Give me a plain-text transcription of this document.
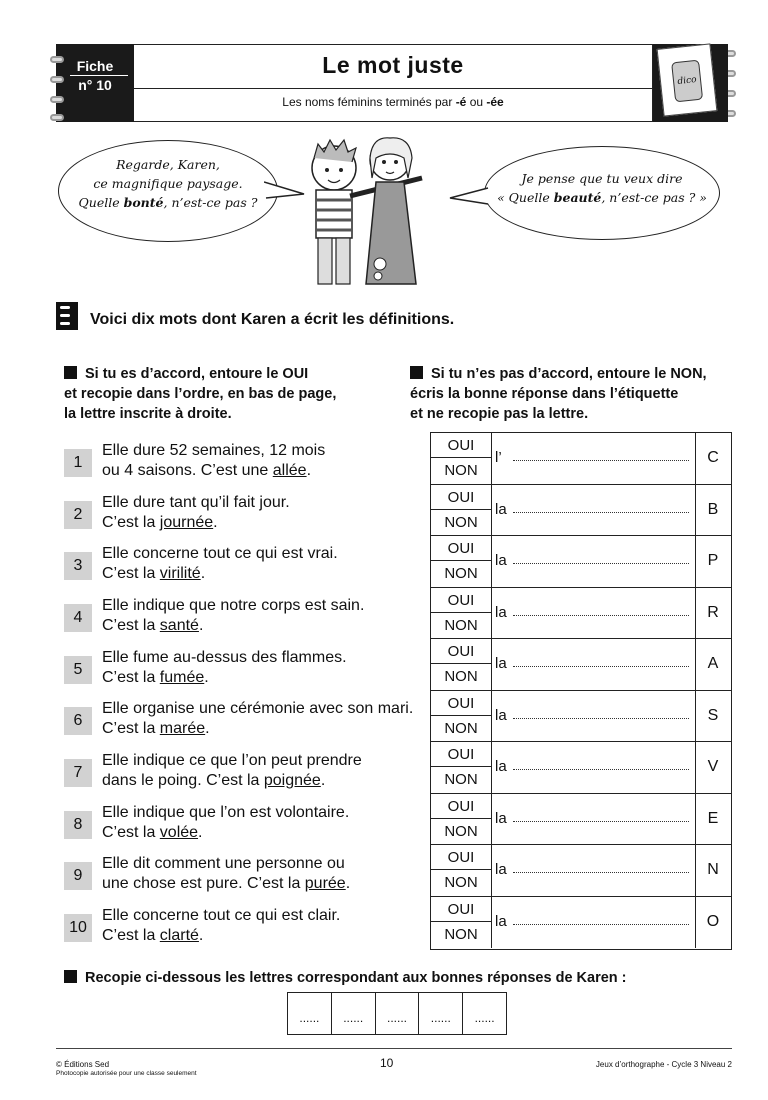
Fiche
n° 10
Le mot juste
Les noms féminins terminés par -é ou -ée
dico
Regarde, Karen,
ce magnifique paysage.
Quelle bonté, n’est-ce pas ?
Je pense que tu veux dire
« Quelle beauté, n’est-ce pas ? »
Voici dix mots dont Karen a écrit les définitions.
Si tu es d’accord, entoure le OUI
et recopie dans l’ordre, en bas de page,
la lettre inscrite à droite.
Si tu n’es pas d’accord, entoure le NON,
écris la bonne réponse dans l’étiquette
et ne recopie pas la lettre.
1
Elle dure 52 semaines, 12 mois
ou 4 saisons. C’est une allée.
2
Elle dure tant qu’il fait jour.
C’est la journée.
3
Elle concerne tout ce qui est vrai.
C’est la virilité.
4
Elle indique que notre corps est sain.
C’est la santé.
5
Elle fume au-dessus des flammes.
C’est la fumée.
6
Elle organise une cérémonie avec son mari.
C’est la marée.
7
Elle indique ce que l’on peut prendre
dans le poing. C’est la poignée.
8
Elle indique que l’on est volontaire.
C’est la volée.
9
Elle dit comment une personne ou
une chose est pure. C’est la purée.
10
Elle concerne tout ce qui est clair.
C’est la clarté.
OUI
NON
l’	C
OUI
NON
la	B
OUI
NON
la	P
OUI
NON
la	R
OUI
NON
la	A
OUI
NON
la	S
OUI
NON
la	V
OUI
NON
la	E
OUI
NON
la	N
OUI
NON
la	O
Recopie ci-dessous les lettres correspondant aux bonnes réponses de Karen :
......	......	......	......	......
© Éditions Sed
Photocopie autorisée pour une classe seulement
10	Jeux d’orthographe - Cycle 3 Niveau 2
